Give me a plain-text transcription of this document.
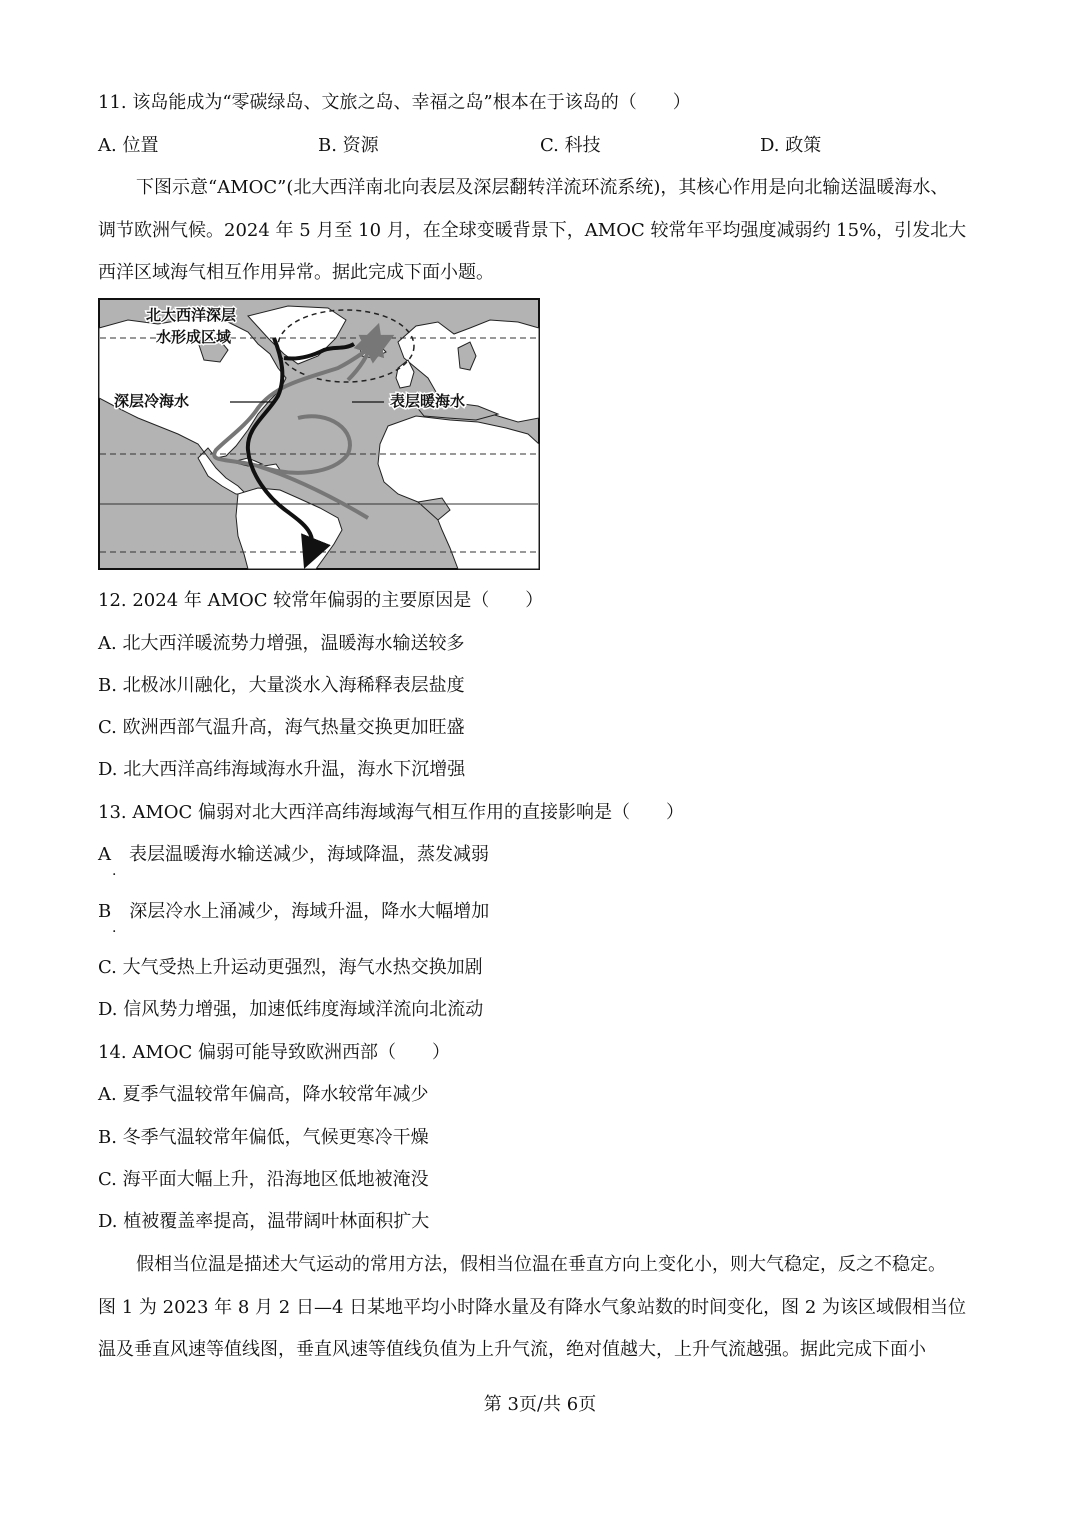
11. 该岛能成为“零碳绿岛、文旅之岛、幸福之岛”根本在于该岛的（　　）
A. 位置	B. 资源	C. 科技	D. 政策
下图示意“AMOC”(北大西洋南北向表层及深层翻转洋流环流系统)，其核心作用是向北输送温暖海水、
调节欧洲气候。2024 年 5 月至 10 月，在全球变暖背景下，AMOC 较常年平均强度减弱约 15%，引发北大
西洋区域海气相互作用异常。据此完成下面小题。
北大西洋深层
水形成区域
深层冷海水	表层暖海水
12. 2024 年 AMOC 较常年偏弱的主要原因是（　　）
A. 北大西洋暖流势力增强，温暖海水输送较多
B. 北极冰川融化，大量淡水入海稀释表层盐度
C. 欧洲西部气温升高，海气热量交换更加旺盛
D. 北大西洋高纬海域海水升温，海水下沉增强
13. AMOC 偏弱对北大西洋高纬海域海气相互作用的直接影响是（　　）
A　表层温暖海水输送减少，海域降温，蒸发减弱
·
B　深层冷水上涌减少，海域升温，降水大幅增加
·
C. 大气受热上升运动更强烈，海气水热交换加剧
D. 信风势力增强，加速低纬度海域洋流向北流动
14. AMOC 偏弱可能导致欧洲西部（　　）
A. 夏季气温较常年偏高，降水较常年减少
B. 冬季气温较常年偏低，气候更寒冷干燥
C. 海平面大幅上升，沿海地区低地被淹没
D. 植被覆盖率提高，温带阔叶林面积扩大
假相当位温是描述大气运动的常用方法，假相当位温在垂直方向上变化小，则大气稳定，反之不稳定。
图 1 为 2023 年 8 月 2 日—4 日某地平均小时降水量及有降水气象站数的时间变化，图 2 为该区域假相当位
温及垂直风速等值线图，垂直风速等值线负值为上升气流，绝对值越大，上升气流越强。据此完成下面小
第 3页/共 6页
